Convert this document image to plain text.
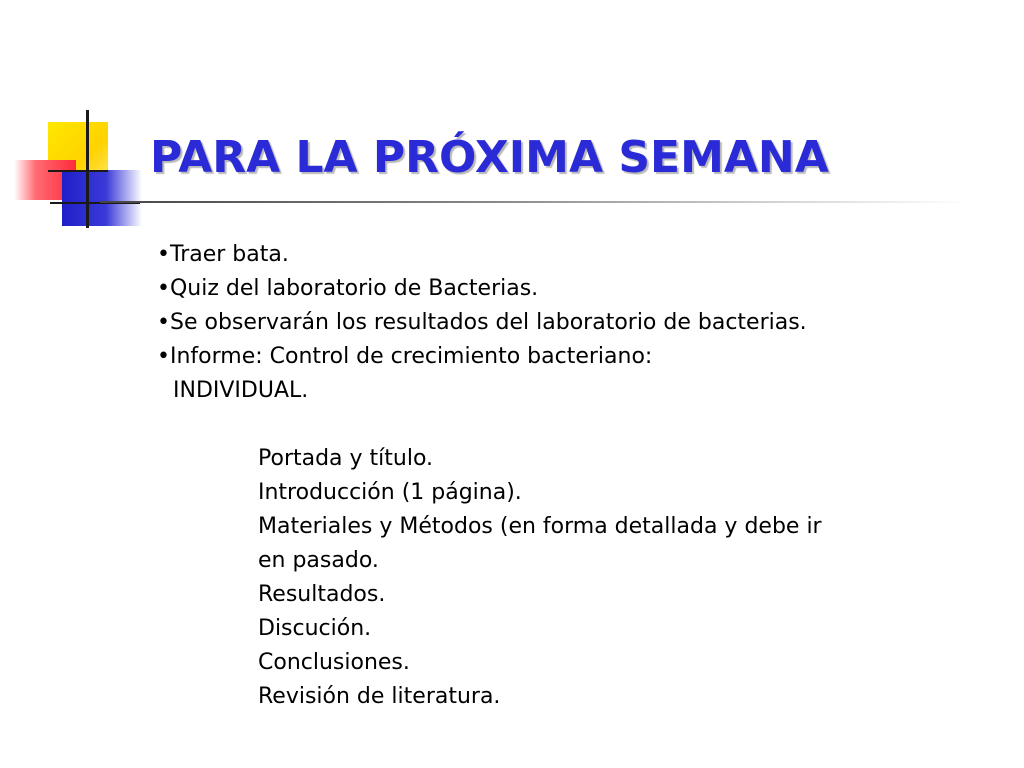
PARA LA PRÓXIMA SEMANA
•Traer bata.
•Quiz del laboratorio de Bacterias.
•Se observarán los resultados del laboratorio de bacterias.
•Informe: Control de crecimiento bacteriano:
INDIVIDUAL.
Portada y título.
Introducción (1 página).
Materiales y Métodos (en forma detallada y debe ir
en pasado.
Resultados.
Discución.
Conclusiones.
Revisión de literatura.
